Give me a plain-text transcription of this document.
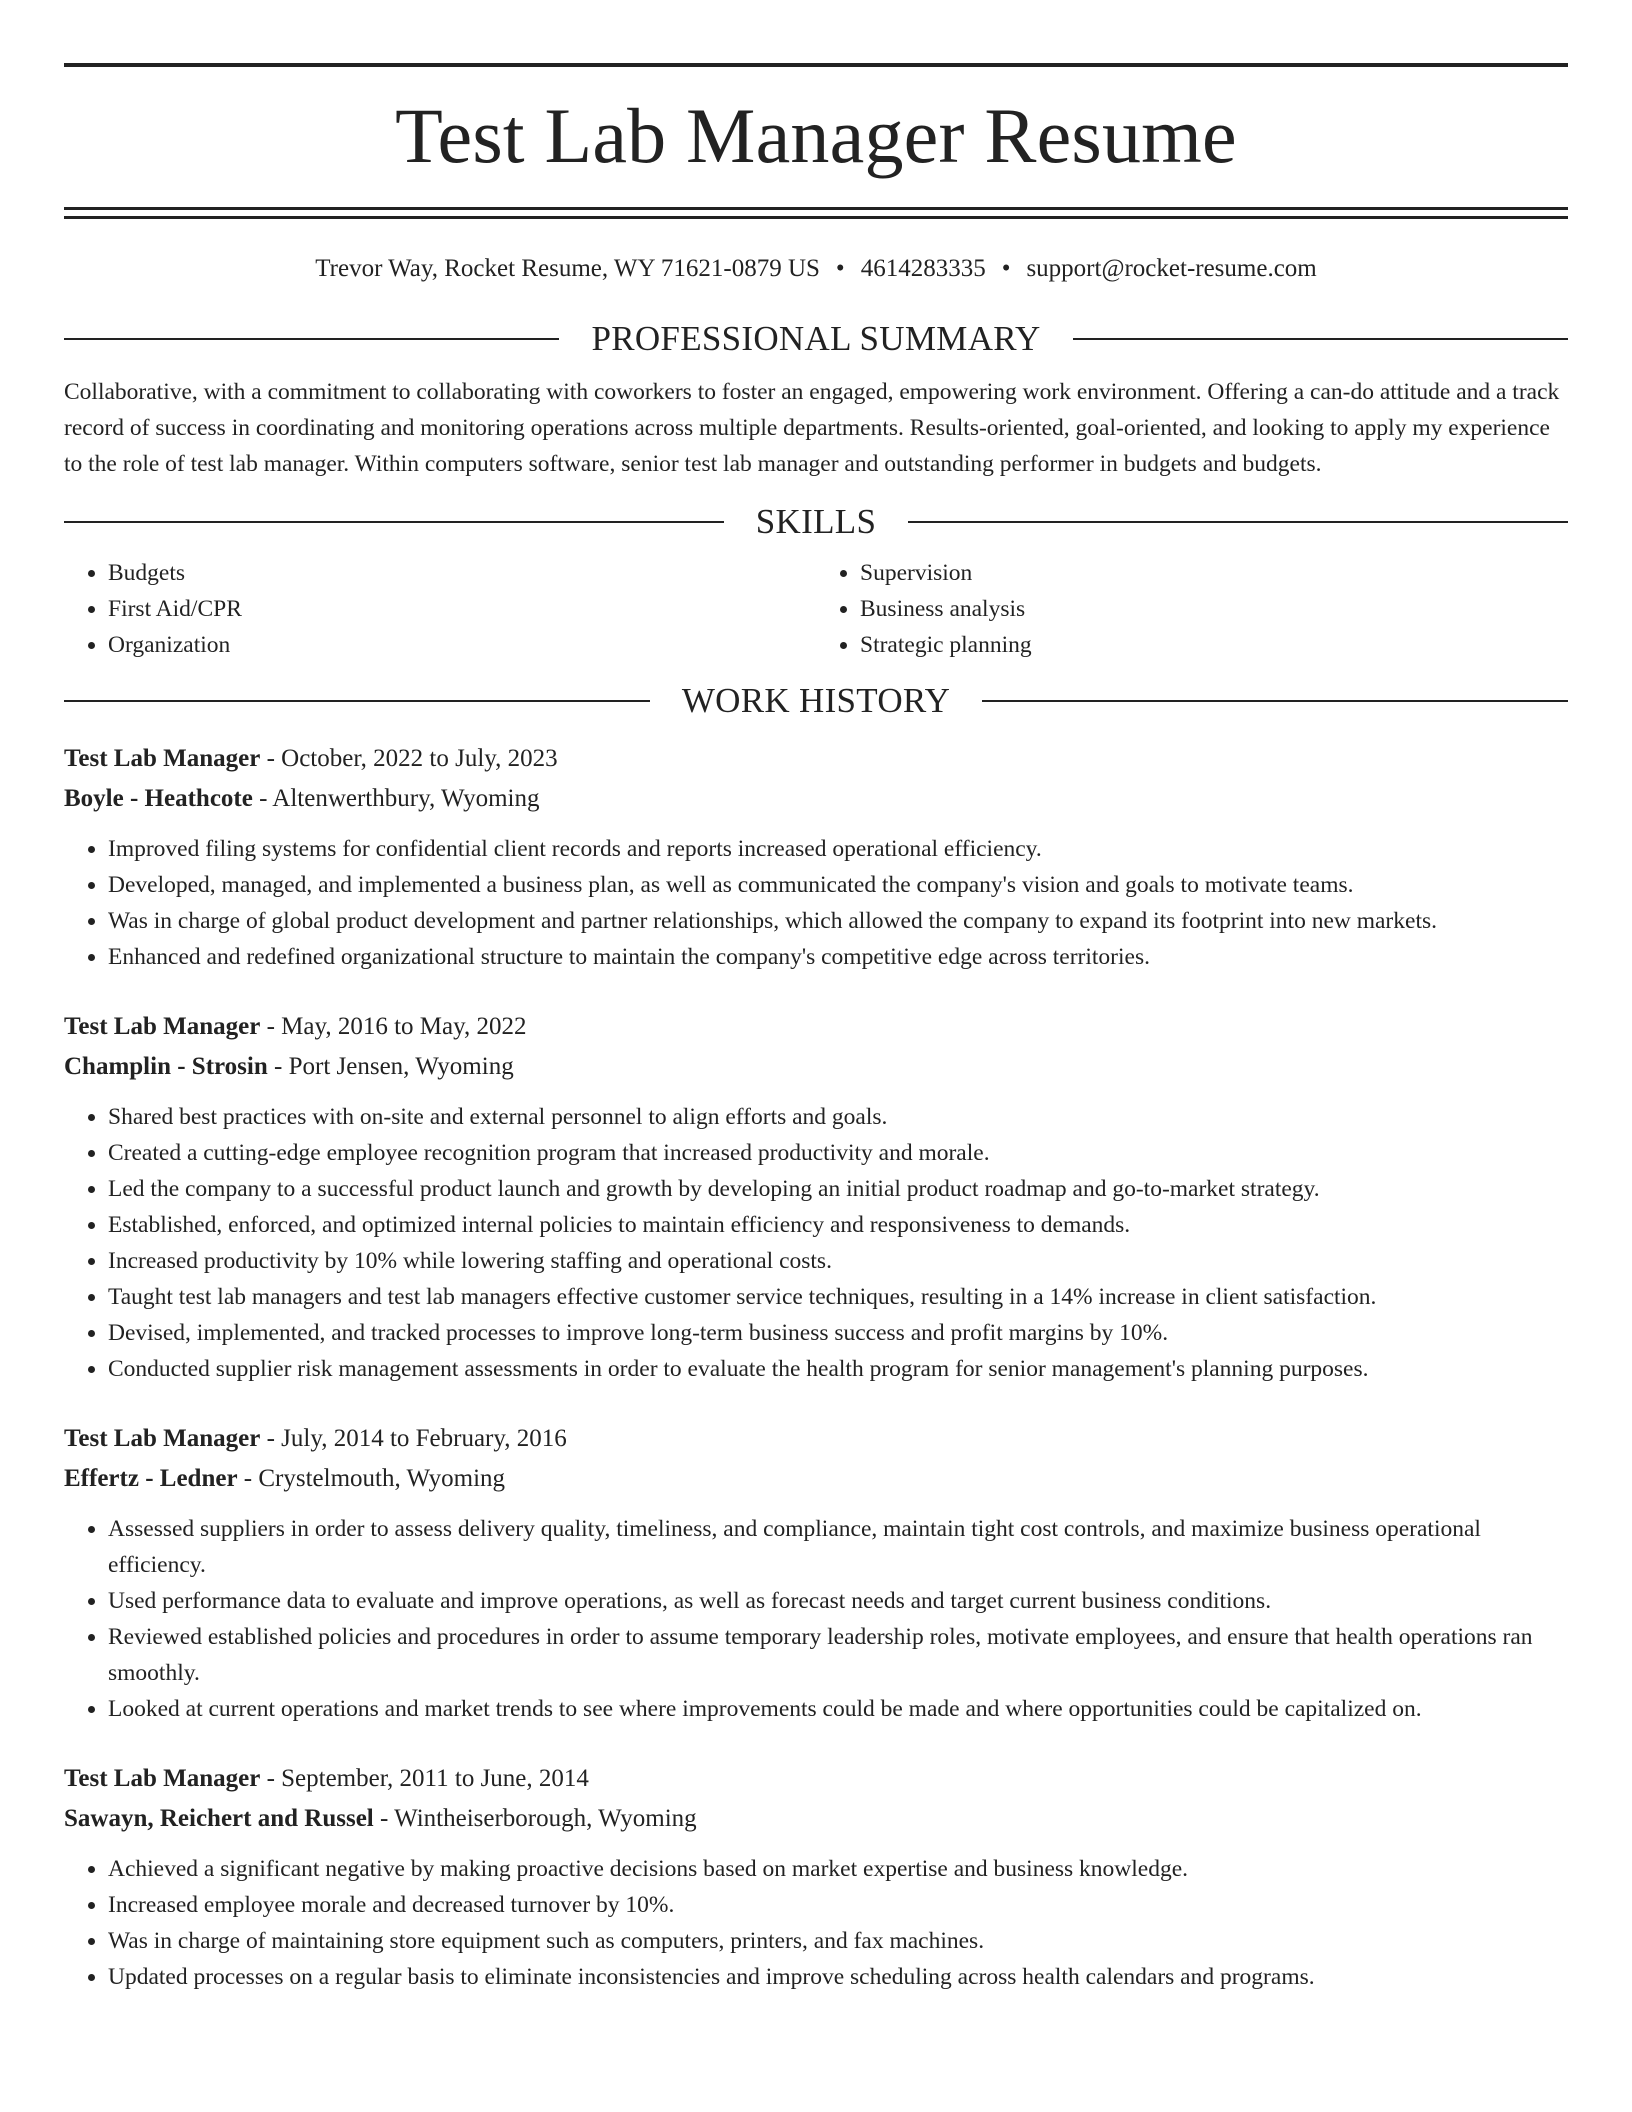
Test Lab Manager Resume
Trevor Way, Rocket Resume, WY 71621-0879 US • 4614283335 • support@rocket-resume.com
PROFESSIONAL SUMMARY

Collaborative, with a commitment to collaborating with coworkers to foster an engaged, empowering work environment. Offering a can-do attitude and a track record of success in coordinating and monitoring operations across multiple departments. Results-oriented, goal-oriented, and looking to apply my experience to the role of test lab manager. Within computers software, senior test lab manager and outstanding performer in budgets and budgets.

SKILLS
• Budgets
• First Aid/CPR
• Organization
• Supervision
• Business analysis
• Strategic planning
WORK HISTORY
Test Lab Manager - October, 2022 to July, 2023
Boyle - Heathcote - Altenwerthbury, Wyoming
• Improved filing systems for confidential client records and reports increased operational efficiency.
• Developed, managed, and implemented a business plan, as well as communicated the company's vision and goals to motivate teams.
• Was in charge of global product development and partner relationships, which allowed the company to expand its footprint into new markets.
• Enhanced and redefined organizational structure to maintain the company's competitive edge across territories.
Test Lab Manager - May, 2016 to May, 2022
Champlin - Strosin - Port Jensen, Wyoming
• Shared best practices with on-site and external personnel to align efforts and goals.
• Created a cutting-edge employee recognition program that increased productivity and morale.
• Led the company to a successful product launch and growth by developing an initial product roadmap and go-to-market strategy.
• Established, enforced, and optimized internal policies to maintain efficiency and responsiveness to demands.
• Increased productivity by 10% while lowering staffing and operational costs.
• Taught test lab managers and test lab managers effective customer service techniques, resulting in a 14% increase in client satisfaction.
• Devised, implemented, and tracked processes to improve long-term business success and profit margins by 10%.
• Conducted supplier risk management assessments in order to evaluate the health program for senior management's planning purposes.
Test Lab Manager - July, 2014 to February, 2016
Effertz - Ledner - Crystelmouth, Wyoming
• Assessed suppliers in order to assess delivery quality, timeliness, and compliance, maintain tight cost controls, and maximize business operational efficiency.
• Used performance data to evaluate and improve operations, as well as forecast needs and target current business conditions.
• Reviewed established policies and procedures in order to assume temporary leadership roles, motivate employees, and ensure that health operations ran smoothly.
• Looked at current operations and market trends to see where improvements could be made and where opportunities could be capitalized on.
Test Lab Manager - September, 2011 to June, 2014
Sawayn, Reichert and Russel - Wintheiserborough, Wyoming
• Achieved a significant negative by making proactive decisions based on market expertise and business knowledge.
• Increased employee morale and decreased turnover by 10%.
• Was in charge of maintaining store equipment such as computers, printers, and fax machines.
• Updated processes on a regular basis to eliminate inconsistencies and improve scheduling across health calendars and programs.
